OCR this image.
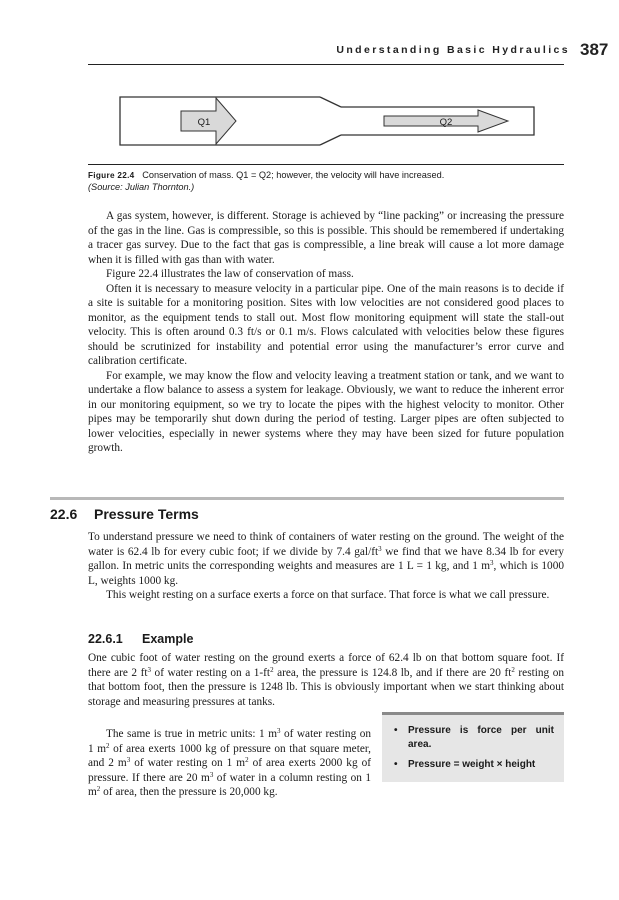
Understanding Basic Hydraulics 387
Q1	Q2
Figure 22.4 Conservation of mass. Q1 = Q2; however, the velocity will have increased.
(Source: Julian Thornton.)

A gas system, however, is different. Storage is achieved by “line packing” or increasing the pressure of the gas in the line. Gas is compressible, so this is possible. This should be remembered if undertaking a tracer gas survey. Due to the fact that gas is compressible, a line break will cause a lot more damage when it is filled with gas than with water.

Figure 22.4 illustrates the law of conservation of mass.

Often it is necessary to measure velocity in a particular pipe. One of the main reasons is to decide if a site is suitable for a monitoring position. Sites with low velocities are not considered good places to monitor, as the equipment tends to stall out. Most flow monitoring equipment will state the stall-out velocity. This is often around 0.3 ft/s or 0.1 m/s. Flows calculated with velocities below these figures should be scrutinized for instability and potential error using the manufacturer’s error curve and calibration certificate.

For example, we may know the flow and velocity leaving a treatment station or tank, and we want to undertake a flow balance to assess a system for leakage. Obviously, we want to reduce the inherent error in our monitoring equipment, so we try to locate the pipes with the highest velocity to monitor. Other pipes may be temporarily shut down during the period of testing. Larger pipes are often subjected to lower velocities, especially in newer systems where they may have been sized for future population growth.

22.6 Pressure Terms

To understand pressure we need to think of containers of water resting on the ground. The weight of the water is 62.4 lb for every cubic foot; if we divide by 7.4 gal/$ft^3$ we find that we have 8.34 lb for every gallon. In metric units the corresponding weights and measures are 1 L = 1 kg, and 1 $m^3$, which is 1000 L, weights 1000 kg.

This weight resting on a surface exerts a force on that surface. That force is what we call pressure.

22.6.1 Example

One cubic foot of water resting on the ground exerts a force of 62.4 lb on that bottom square foot. If there are 2 $ft^3$ of water resting on a $1-ft^2$ area, the pressure is 124.8 lb, and if there are 20 $ft^2$ resting on that bottom foot, then the pressure is 1248 lb. This is obviously important when we start thinking about storage and measuring pressures at tanks.

The same is true in metric units: 1 $m^3$ of water resting on 1 $m^2$ of area exerts 1000 kg of pressure on that square meter, and 2 $m^3$ of water resting on 1 $m^2$ of area exerts 2000 kg of pressure. If there are 20 $m^3$ of water in a column resting on 1 $m^2$ of area, then the pressure is 20,000 kg.

• Pressure is force per unit area.
• Pressure = weight × height
